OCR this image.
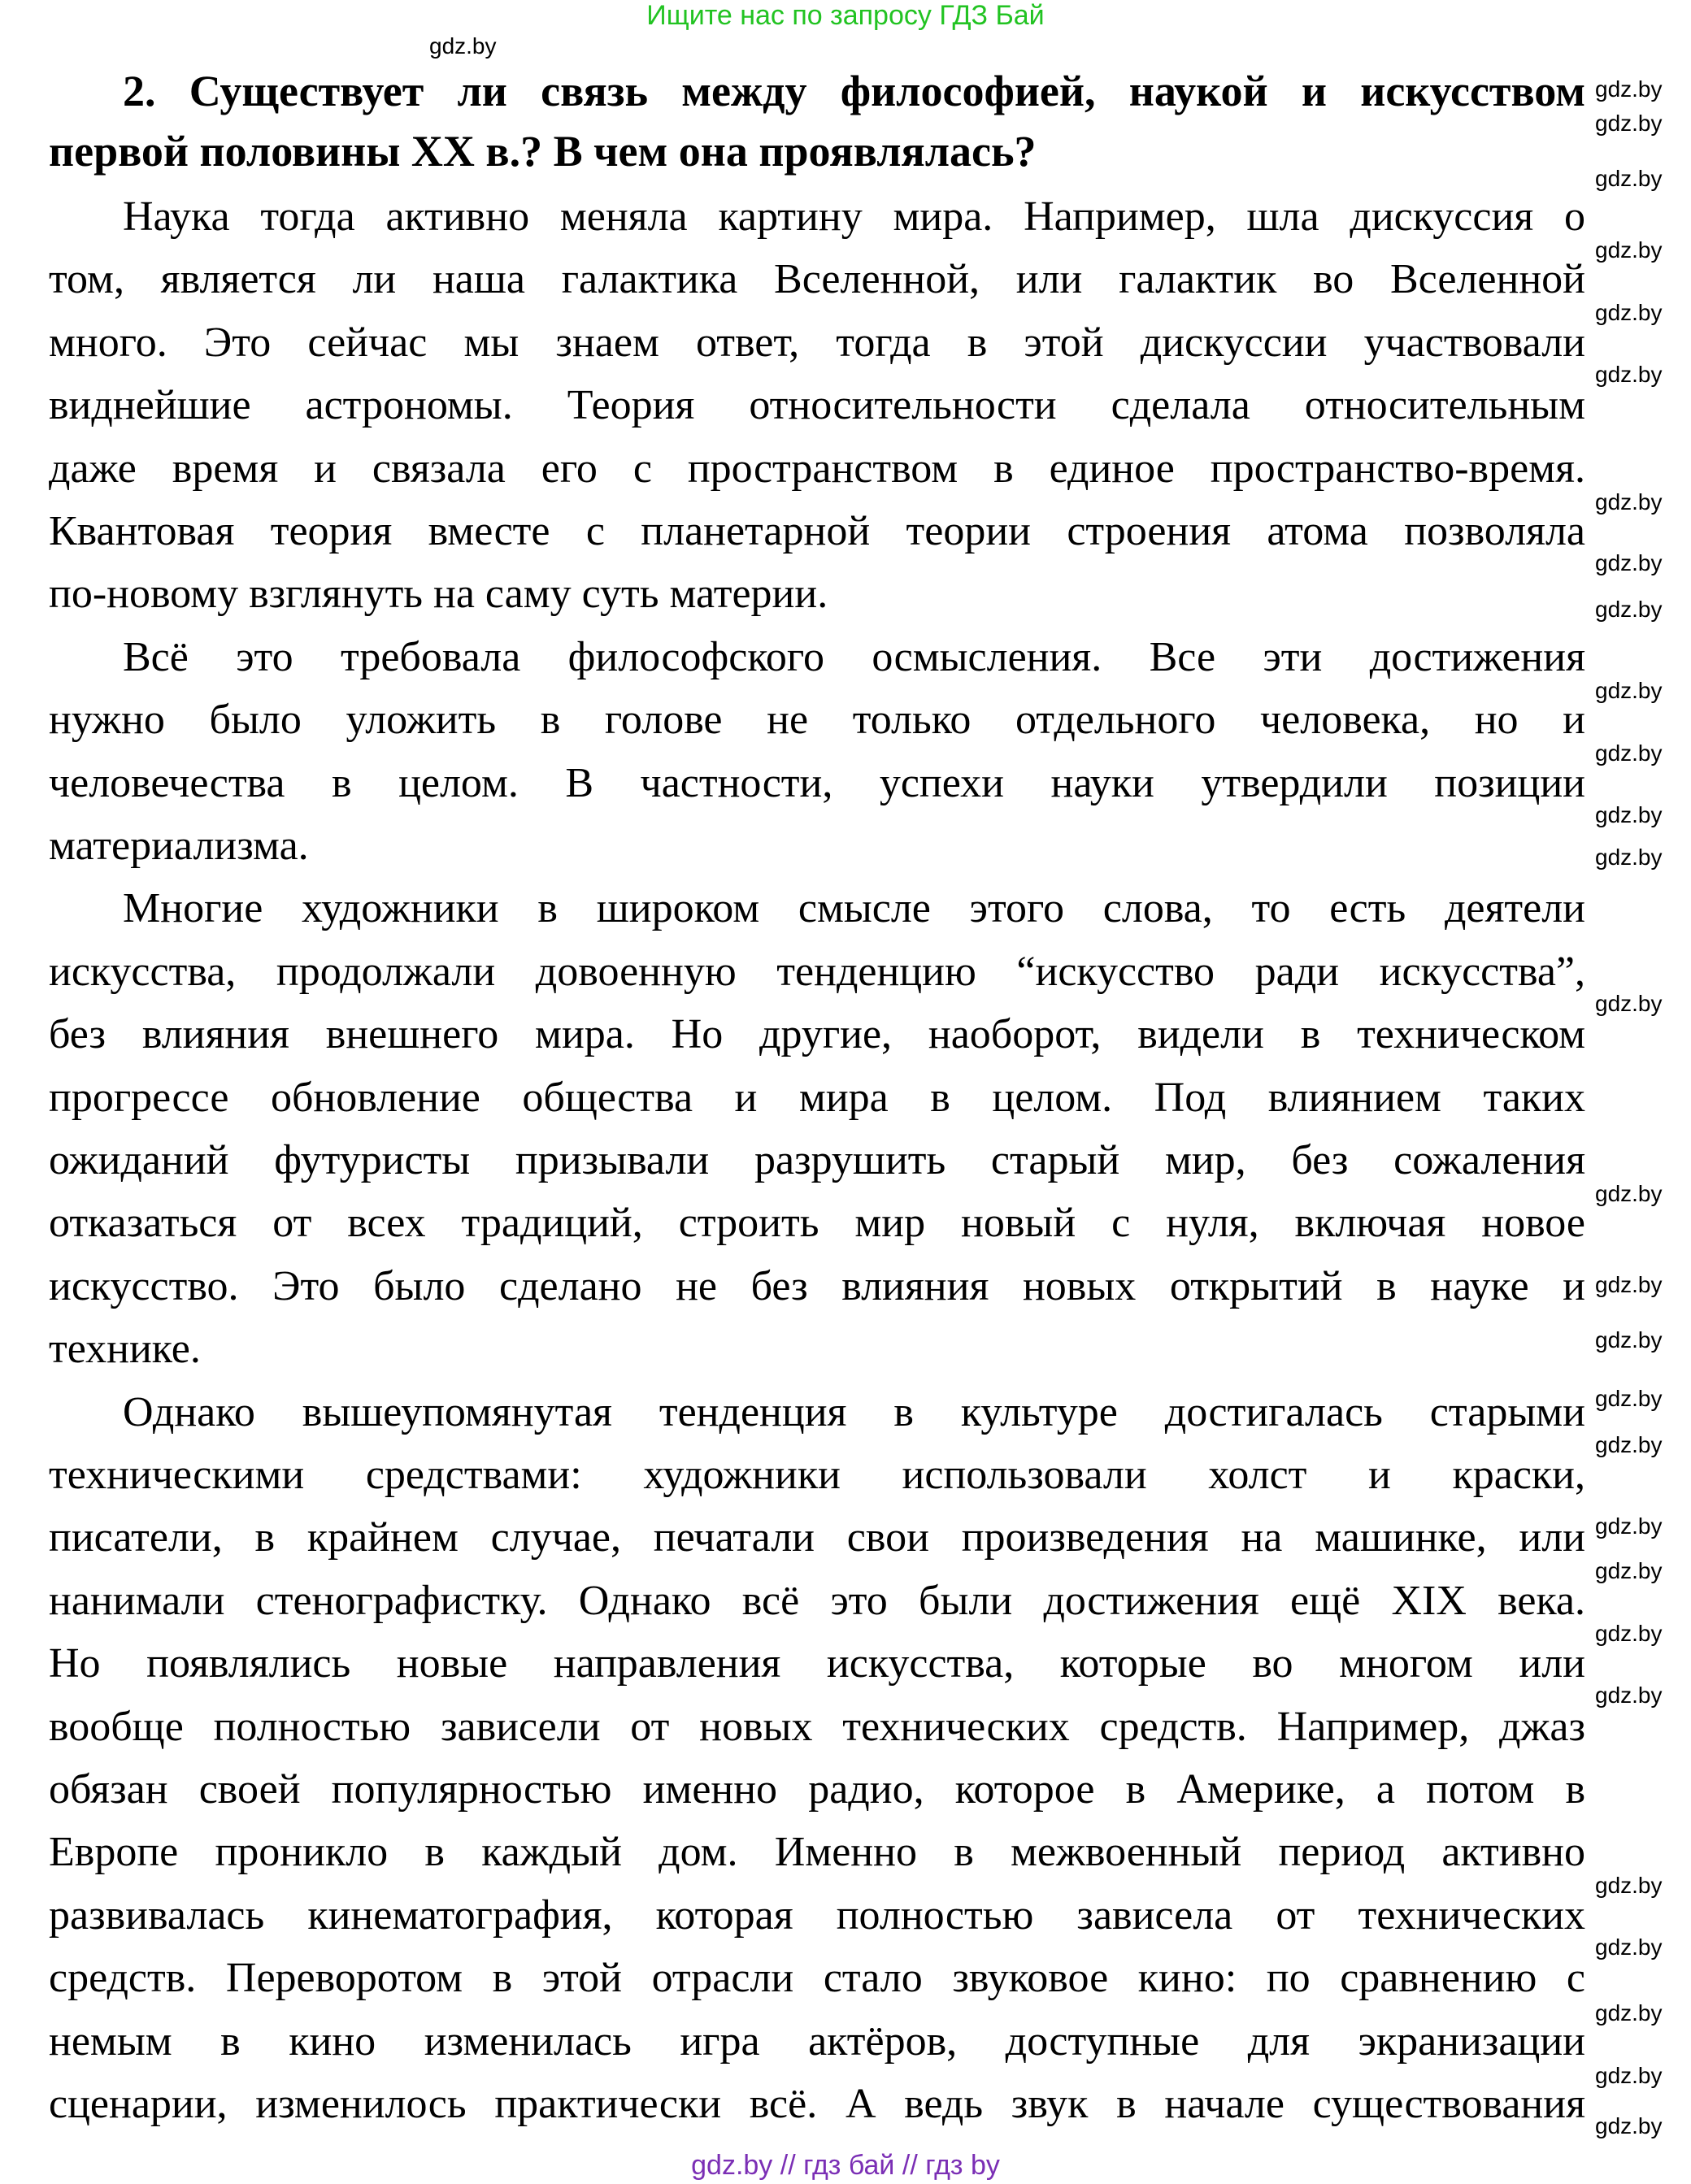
Ищите нас по запросу ГДЗ Бай
2. Существует ли связь между философией, наукой и искусством
первой половины XX в.? В чем она проявлялась?
Наука тогда активно меняла картину мира. Например, шла дискуссия о
том, является ли наша галактика Вселенной, или галактик во Вселенной
много. Это сейчас мы знаем ответ, тогда в этой дискуссии участвовали
виднейшие астрономы. Теория относительности сделала относительным
даже время и связала его с пространством в единое пространство-время.
Квантовая теория вместе с планетарной теории строения атома позволяла
по-новому взглянуть на саму суть материи.
Всё это требовала философского осмысления. Все эти достижения
нужно было уложить в голове не только отдельного человека, но и
человечества в целом. В частности, успехи науки утвердили позиции
материализма.
Многие художники в широком смысле этого слова, то есть деятели
искусства, продолжали довоенную тенденцию “искусство ради искусства”,
без влияния внешнего мира. Но другие, наоборот, видели в техническом
прогрессе обновление общества и мира в целом. Под влиянием таких
ожиданий футуристы призывали разрушить старый мир, без сожаления
отказаться от всех традиций, строить мир новый с нуля, включая новое
искусство. Это было сделано не без влияния новых открытий в науке и
технике.
Однако вышеупомянутая тенденция в культуре достигалась старыми
техническими средствами: художники использовали холст и краски,
писатели, в крайнем случае, печатали свои произведения на машинке, или
нанимали стенографистку. Однако всё это были достижения ещё XIX века.
Но появлялись новые направления искусства, которые во многом или
вообще полностью зависели от новых технических средств. Например, джаз
обязан своей популярностью именно радио, которое в Америке, а потом в
Европе проникло в каждый дом. Именно в межвоенный период активно
развивалась кинематография, которая полностью зависела от технических
средств. Переворотом в этой отрасли стало звуковое кино: по сравнению с
немым в кино изменилась игра актёров, доступные для экранизации
сценарии, изменилось практически всё. А ведь звук в начале существования
gdz.by
gdz.by
gdz.by
gdz.by
gdz.by
gdz.by
gdz.by
gdz.by
gdz.by
gdz.by
gdz.by
gdz.by
gdz.by
gdz.by
gdz.by
gdz.by
gdz.by
gdz.by
gdz.by
gdz.by
gdz.by
gdz.by
gdz.by
gdz.by
gdz.by
gdz.by
gdz.by
gdz.by
gdz.by
gdz.by // гдз бай // гдз by
